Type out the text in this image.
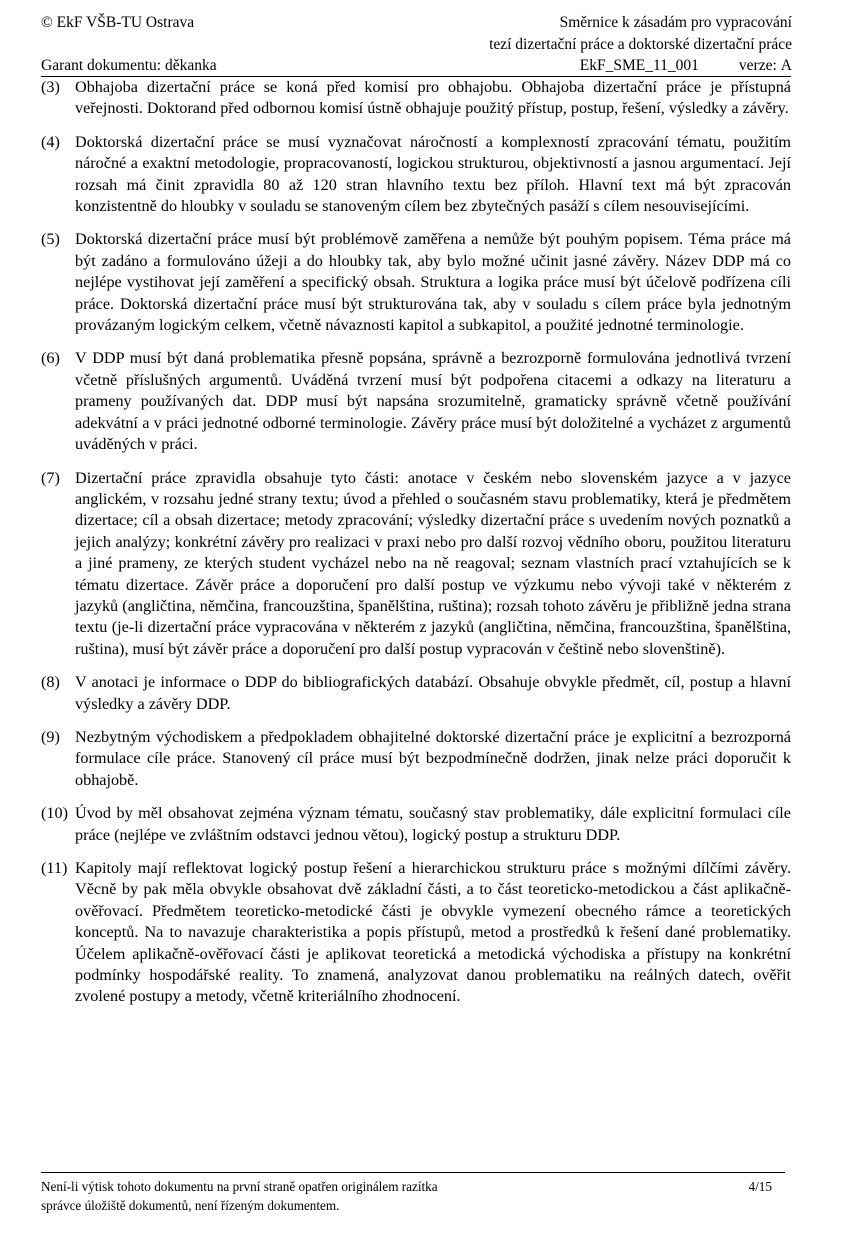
© EkF VŠB-TU Ostrava
Garant dokumentu: děkanka
Směrnice k zásadám pro vypracování
tezí dizertační práce a doktorské dizertační práce
EkF_SME_11_001	verze: A
(3) Obhajoba dizertační práce se koná před komisí pro obhajobu. Obhajoba dizertační práce je přístupná veřejnosti. Doktorand před odbornou komisí ústně obhajuje použitý přístup, postup, řešení, výsledky a závěry.
(4) Doktorská dizertační práce se musí vyznačovat náročností a komplexností zpracování tématu, použitím náročné a exaktní metodologie, propracovaností, logickou strukturou, objektivností a jasnou argumentací. Její rozsah má činit zpravidla 80 až 120 stran hlavního textu bez příloh. Hlavní text má být zpracován konzistentně do hloubky v souladu se stanoveným cílem bez zbytečných pasáží s cílem nesouvisejícími.
(5) Doktorská dizertační práce musí být problémově zaměřena a nemůže být pouhým popisem. Téma práce má být zadáno a formulováno úžeji a do hloubky tak, aby bylo možné učinit jasné závěry. Název DDP má co nejlépe vystihovat její zaměření a specifický obsah. Struktura a logika práce musí být účelově podřízena cíli práce. Doktorská dizertační práce musí být strukturována tak, aby v souladu s cílem práce byla jednotným provázaným logickým celkem, včetně návaznosti kapitol a subkapitol, a použité jednotné terminologie.
(6) V DDP musí být daná problematika přesně popsána, správně a bezrozporně formulována jednotlivá tvrzení včetně příslušných argumentů. Uváděná tvrzení musí být podpořena citacemi a odkazy na literaturu a prameny používaných dat. DDP musí být napsána srozumitelně, gramaticky správně včetně používání adekvátní a v práci jednotné odborné terminologie. Závěry práce musí být doložitelné a vycházet z argumentů uváděných v práci.
(7) Dizertační práce zpravidla obsahuje tyto části: anotace v českém nebo slovenském jazyce a v jazyce anglickém, v rozsahu jedné strany textu; úvod a přehled o současném stavu problematiky, která je předmětem dizertace; cíl a obsah dizertace; metody zpracování; výsledky dizertační práce s uvedením nových poznatků a jejich analýzy; konkrétní závěry pro realizaci v praxi nebo pro další rozvoj vědního oboru, použitou literaturu a jiné prameny, ze kterých student vycházel nebo na ně reagoval; seznam vlastních prací vztahujících se k tématu dizertace. Závěr práce a doporučení pro další postup ve výzkumu nebo vývoji také v některém z jazyků (angličtina, němčina, francouzština, španělština, ruština); rozsah tohoto závěru je přibližně jedna strana textu (je-li dizertační práce vypracována v některém z jazyků (angličtina, němčina, francouzština, španělština, ruština), musí být závěr práce a doporučení pro další postup vypracován v češtině nebo slovenštině).
(8) V anotaci je informace o DDP do bibliografických databází. Obsahuje obvykle předmět, cíl, postup a hlavní výsledky a závěry DDP.
(9) Nezbytným východiskem a předpokladem obhajitelné doktorské dizertační práce je explicitní a bezrozporná formulace cíle práce. Stanovený cíl práce musí být bezpodmínečně dodržen, jinak nelze práci doporučit k obhajobě.
(10) Úvod by měl obsahovat zejména význam tématu, současný stav problematiky, dále explicitní formulaci cíle práce (nejlépe ve zvláštním odstavci jednou větou), logický postup a strukturu DDP.
(11) Kapitoly mají reflektovat logický postup řešení a hierarchickou strukturu práce s možnými dílčími závěry. Věcně by pak měla obvykle obsahovat dvě základní části, a to část teoreticko-metodickou a část aplikačně-ověřovací. Předmětem teoreticko-metodické části je obvykle vymezení obecného rámce a teoretických konceptů. Na to navazuje charakteristika a popis přístupů, metod a prostředků k řešení dané problematiky. Účelem aplikačně-ověřovací části je aplikovat teoretická a metodická východiska a přístupy na konkrétní podmínky hospodářské reality. To znamená, analyzovat danou problematiku na reálných datech, ověřit zvolené postupy a metody, včetně kriteriálního zhodnocení.
Není-li výtisk tohoto dokumentu na první straně opatřen originálem razítka
správce úložiště dokumentů, není řízeným dokumentem.
4/15
